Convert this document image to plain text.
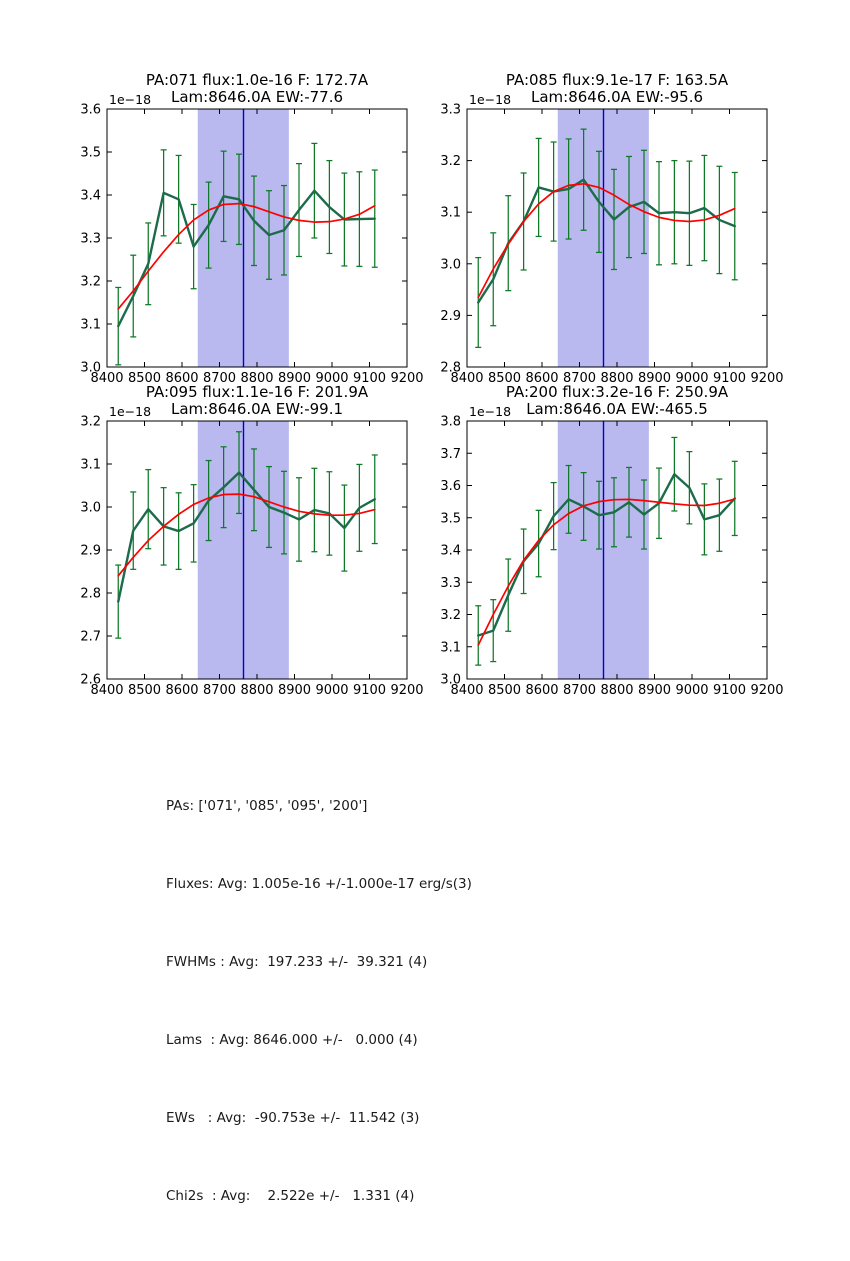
PA:071 flux:1.0e-16 F: 172.7A
Lam:8646.0A EW:-77.6
1e−18
8400 8500 8600 8700 8800 8900 9000 9100 9200
3.0
3.1
3.2
3.3
3.4
3.5
3.6
PA:085 flux:9.1e-17 F: 163.5A
Lam:8646.0A EW:-95.6
1e−18
8400 8500 8600 8700 8800 8900 9000 9100 9200
2.8
2.9
3.0
3.1
3.2
3.3
PA:095 flux:1.1e-16 F: 201.9A
Lam:8646.0A EW:-99.1
1e−18
8400 8500 8600 8700 8800 8900 9000 9100 9200
2.6
2.7
2.8
2.9
3.0
3.1
3.2
PA:200 flux:3.2e-16 F: 250.9A
Lam:8646.0A EW:-465.5
1e−18
8400 8500 8600 8700 8800 8900 9000 9100 9200
3.0
3.1
3.2
3.3
3.4
3.5
3.6
3.7
3.8

PAs: ['071', '085', '095', '200']

Fluxes: Avg: 1.005e-16 +/-1.000e-17 erg/s(3)

FWHMs : Avg:  197.233 +/-  39.321 (4)

Lams  : Avg: 8646.000 +/-   0.000 (4)

EWs   : Avg:  -90.753e +/-  11.542 (3)

Chi2s  : Avg:    2.522e +/-   1.331 (4)
